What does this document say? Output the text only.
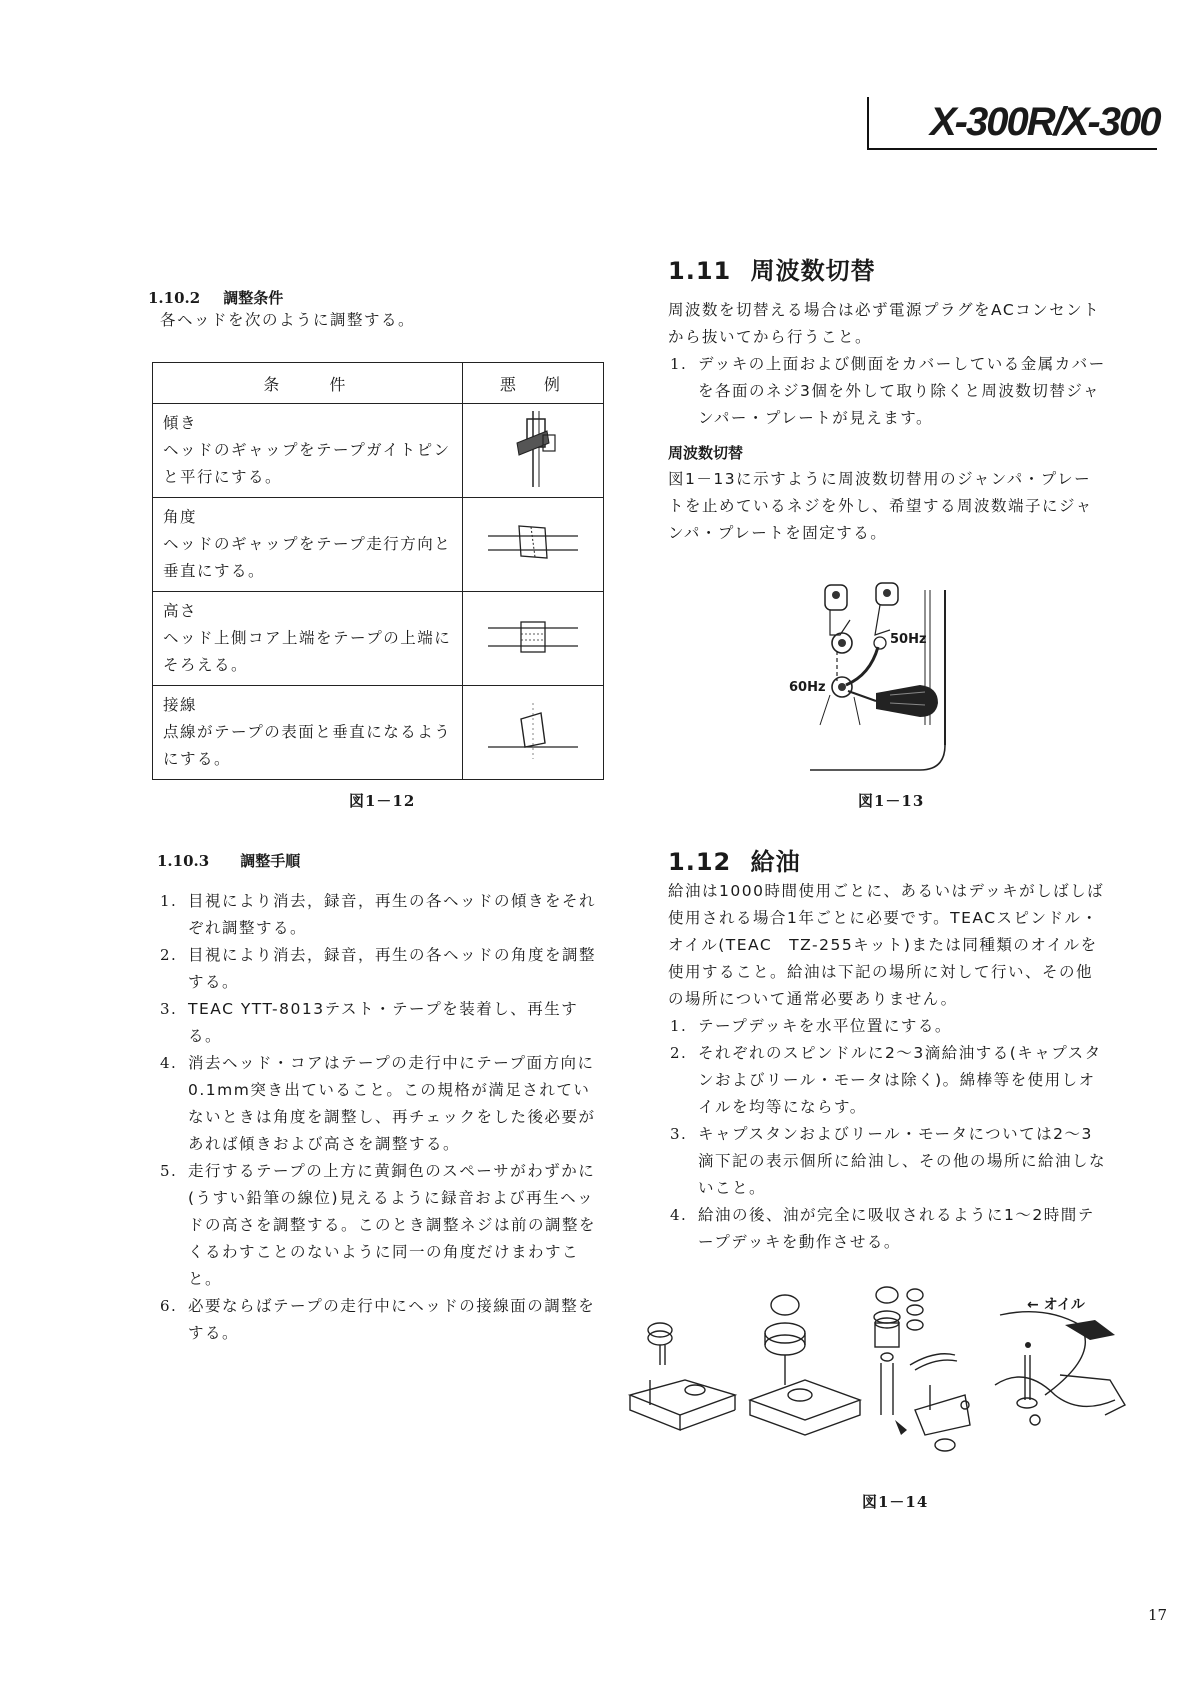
X-300R/X-300
1.10.2 調整条件
各ヘッドを次のように調整する。
条　　件	悪　例

傾き
ヘッドのギャップをテープガイトピンと平行にする。

角度
ヘッドのギャップをテープ走行方向と垂直にする。

高さ
ヘッド上側コア上端をテープの上端にそろえる。

接線
点線がテープの表面と垂直になるようにする。

図1－12
1.10.3 調整手順
1. 目視により消去，録音，再生の各ヘッドの傾きをそれぞれ調整する。
2. 目視により消去，録音，再生の各ヘッドの角度を調整する。
3. TEAC YTT-8013テスト・テープを装着し、再生する。
4. 消去ヘッド・コアはテープの走行中にテープ面方向に0.1mm突き出ていること。この規格が満足されていないときは角度を調整し、再チェックをした後必要があれば傾きおよび高さを調整する。
5. 走行するテープの上方に黄銅色のスペーサがわずかに(うすい鉛筆の線位)見えるように録音および再生ヘッドの高さを調整する。このとき調整ネジは前の調整をくるわすことのないように同一の角度だけまわすこと。
6. 必要ならばテープの走行中にヘッドの接線面の調整をする。
1.11 周波数切替
周波数を切替える場合は必ず電源プラグをACコンセントから抜いてから行うこと。
1. デッキの上面および側面をカバーしている金属カバーを各面のネジ3個を外して取り除くと周波数切替ジャンパー・プレートが見えます。
周波数切替
図1－13に示すように周波数切替用のジャンパ・プレートを止めているネジを外し、希望する周波数端子にジャンパ・プレートを固定する。
50Hz
60Hz
図1－13
1.12 給油
給油は1000時間使用ごとに、あるいはデッキがしばしば使用される場合1年ごとに必要です。TEACスピンドル・オイル(TEAC　TZ-255キット)または同種類のオイルを使用すること。給油は下記の場所に対して行い、その他の場所について通常必要ありません。
1. テープデッキを水平位置にする。
2. それぞれのスピンドルに2～3滴給油する(キャプスタンおよびリール・モータは除く)。綿棒等を使用しオイルを均等にならす。
3. キャプスタンおよびリール・モータについては2～3滴下記の表示個所に給油し、その他の場所に給油しないこと。
4. 給油の後、油が完全に吸収されるように1～2時間テープデッキを動作させる。
← オイル
図1－14
17
